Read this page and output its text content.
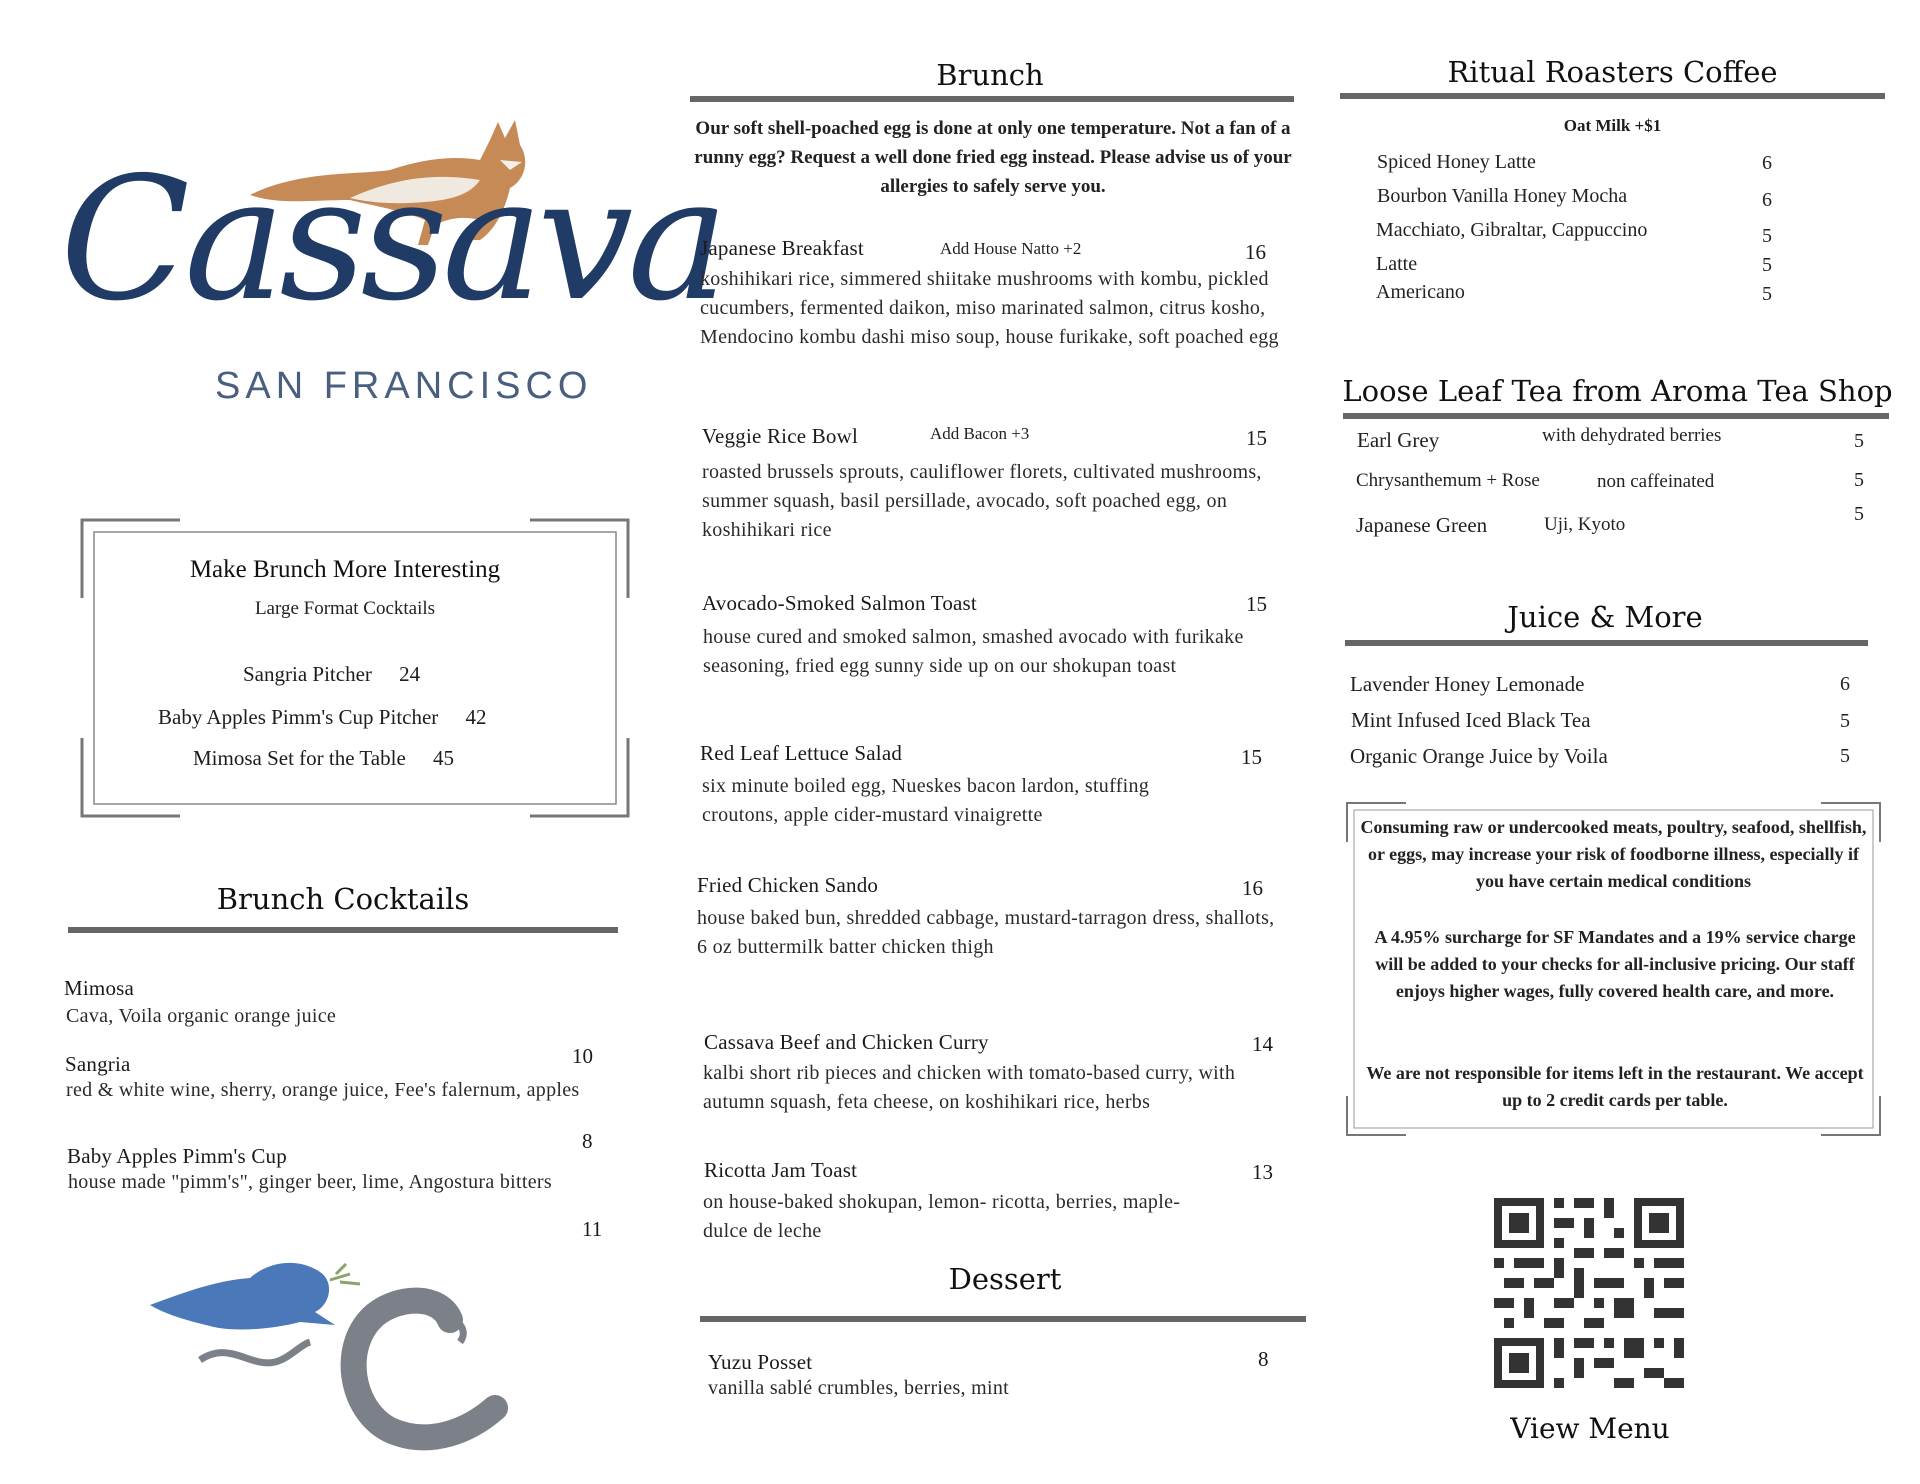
Cassava
SAN FRANCISCO
Make Brunch More Interesting
Large Format Cocktails
Sangria Pitcher 24
Baby Apples Pimm's Cup Pitcher 42
Mimosa Set for the Table 45
Brunch Cocktails
Mimosa
Cava, Voila organic orange juice
10
Sangria
red & white wine, sherry, orange juice, Fee's falernum, apples
8
Baby Apples Pimm's Cup
house made "pimm's", ginger beer, lime, Angostura bitters
11
Brunch
Our soft shell-poached egg is done at only one temperature. Not a fan of a runny egg? Request a well done fried egg instead. Please advise us of your allergies to safely serve you.
Japanese Breakfast	Add House Natto +2	16
koshihikari rice, simmered shiitake mushrooms with kombu, pickled cucumbers, fermented daikon, miso marinated salmon, citrus kosho, Mendocino kombu dashi miso soup, house furikake, soft poached egg
Veggie Rice Bowl	Add Bacon +3	15
roasted brussels sprouts, cauliflower florets, cultivated mushrooms, summer squash, basil persillade, avocado, soft poached egg, on koshihikari rice
Avocado-Smoked Salmon Toast	15
house cured and smoked salmon, smashed avocado with furikake seasoning, fried egg sunny side up on our shokupan toast
Red Leaf Lettuce Salad	15
six minute boiled egg, Nueskes bacon lardon, stuffing croutons, apple cider-mustard vinaigrette
Fried Chicken Sando	16
house baked bun, shredded cabbage, mustard-tarragon dress, shallots, 6 oz buttermilk batter chicken thigh
Cassava Beef and Chicken Curry	14
kalbi short rib pieces and chicken with tomato-based curry, with autumn squash, feta cheese, on koshihikari rice, herbs
Ricotta Jam Toast	13
on house-baked shokupan, lemon- ricotta, berries, maple-dulce de leche
Dessert
Yuzu Posset	8
vanilla sablé crumbles, berries, mint
Ritual Roasters Coffee
Oat Milk +$1
Spiced Honey Latte	6
Bourbon Vanilla Honey Mocha	6
Macchiato, Gibraltar, Cappuccino	5
Latte	5
Americano	5
Loose Leaf Tea from Aroma Tea Shop
Earl Grey	with dehydrated berries	5
Chrysanthemum + Rose	non caffeinated	5
Japanese Green	Uji, Kyoto	5
Juice & More
Lavender Honey Lemonade	6
Mint Infused Iced Black Tea	5
Organic Orange Juice by Voila	5
Consuming raw or undercooked meats, poultry, seafood, shellfish, or eggs, may increase your risk of foodborne illness, especially if you have certain medical conditions
A 4.95% surcharge for SF Mandates and a 19% service charge will be added to your checks for all-inclusive pricing. Our staff enjoys higher wages, fully covered health care, and more.
We are not responsible for items left in the restaurant. We accept up to 2 credit cards per table.
View Menu
